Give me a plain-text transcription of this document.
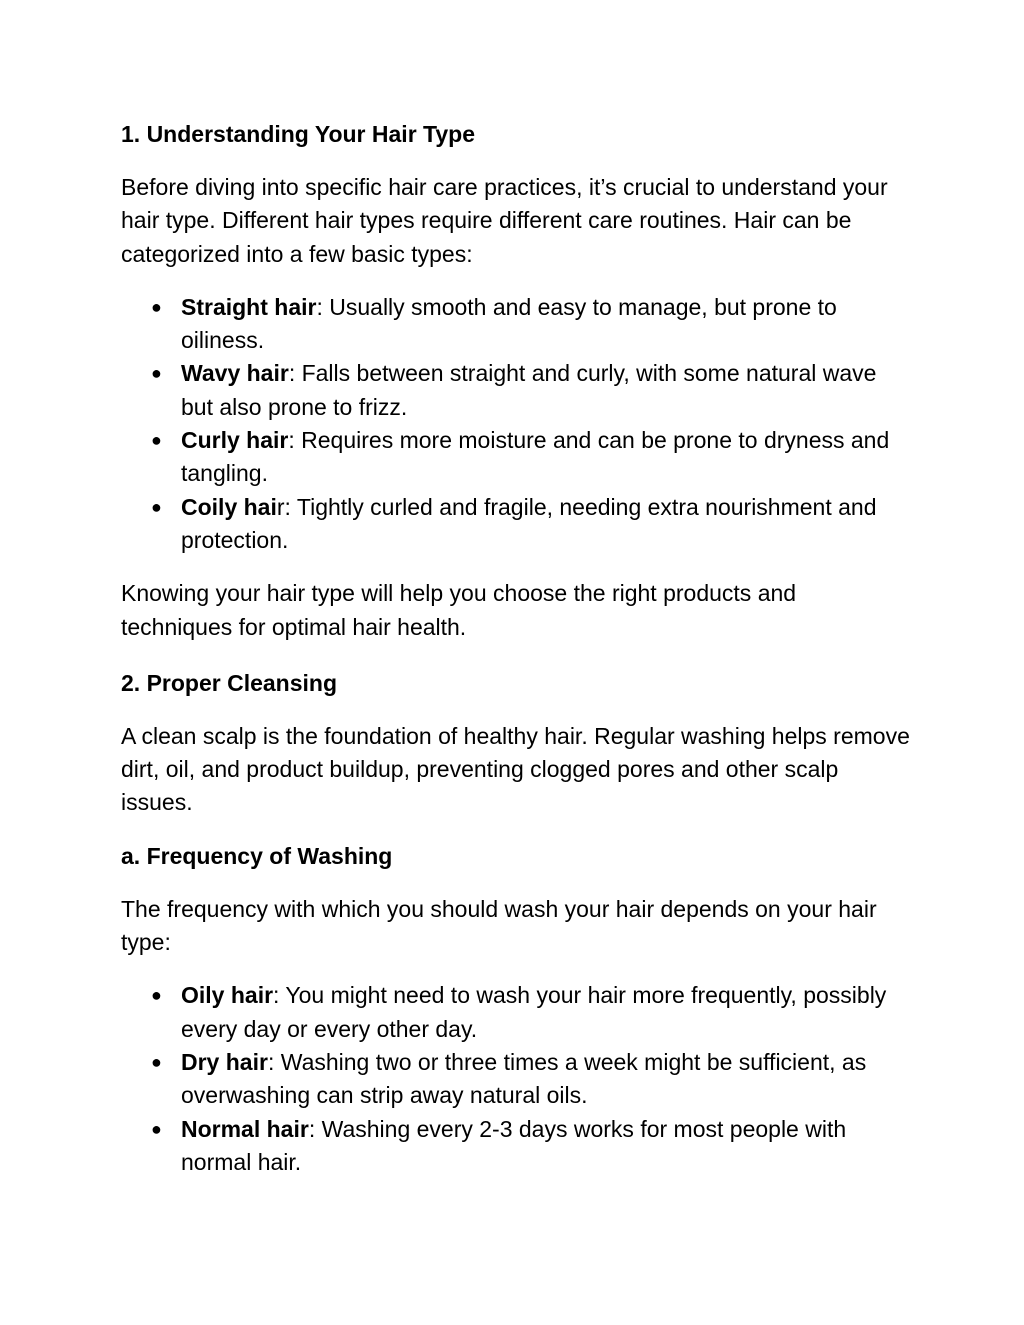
1. Understanding Your Hair Type

Before diving into specific hair care practices, it’s crucial to understand your hair type. Different hair types require different care routines. Hair can be categorized into a few basic types:

● Straight hair: Usually smooth and easy to manage, but prone to oiliness.
● Wavy hair: Falls between straight and curly, with some natural wave but also prone to frizz.
● Curly hair: Requires more moisture and can be prone to dryness and tangling.
● Coily hair: Tightly curled and fragile, needing extra nourishment and protection.

Knowing your hair type will help you choose the right products and techniques for optimal hair health.

2. Proper Cleansing

A clean scalp is the foundation of healthy hair. Regular washing helps remove dirt, oil, and product buildup, preventing clogged pores and other scalp issues.

a. Frequency of Washing

The frequency with which you should wash your hair depends on your hair type:

● Oily hair: You might need to wash your hair more frequently, possibly every day or every other day.
● Dry hair: Washing two or three times a week might be sufficient, as overwashing can strip away natural oils.
● Normal hair: Washing every 2-3 days works for most people with normal hair.
